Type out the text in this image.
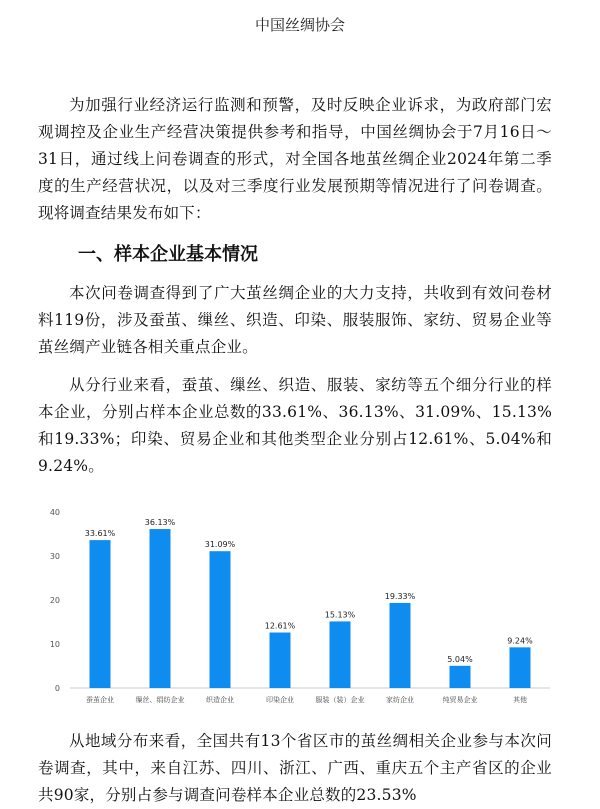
中国丝绸协会

为加强行业经济运行监测和预警，及时反映企业诉求，为政府部门宏观调控及企业生产经营决策提供参考和指导，中国丝绸协会于7月16日～31日，通过线上问卷调查的形式，对全国各地茧丝绸企业2024年第二季度的生产经营状况，以及对三季度行业发展预期等情况进行了问卷调查。现将调查结果发布如下：

一、样本企业基本情况

本次问卷调查得到了广大茧丝绸企业的大力支持，共收到有效问卷材料119份，涉及蚕茧、缫丝、织造、印染、服装服饰、家纺、贸易企业等茧丝绸产业链各相关重点企业。

从分行业来看，蚕茧、缫丝、织造、服装、家纺等五个细分行业的样本企业，分别占样本企业总数的33.61%、36.13%、31.09%、15.13%和19.33%；印染、贸易企业和其他类型企业分别占12.61%、5.04%和9.24%。

0
10
20
30
40
33.61%
36.13%
31.09%
12.61%
15.13%
19.33%
5.04%
9.24%
蚕茧企业	缫丝、绢纺企业	织造企业	印染企业	服装（装）企业	家纺企业	纯贸易企业	其他

从地域分布来看，全国共有13个省区市的茧丝绸相关企业参与本次问卷调查，其中，来自江苏、四川、浙江、广西、重庆五个主产省区的企业共90家，分别占参与调查问卷样本企业总数的23.53%
